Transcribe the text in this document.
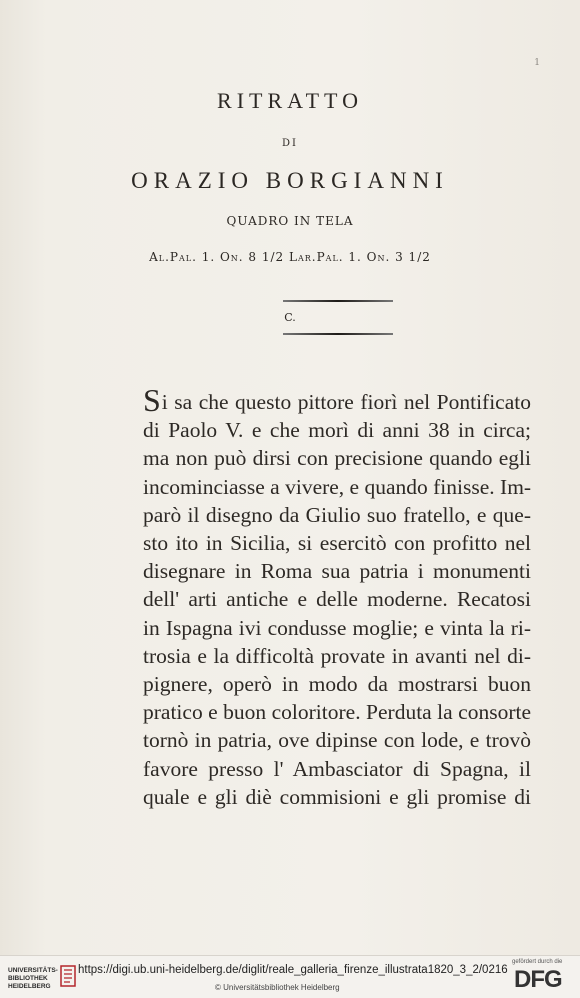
1
RITRATTO
DI
ORAZIO BORGIANNI
QUADRO IN TELA
Al.Pal. 1. On. 8 1/2 Lar.Pal. 1. On. 3 1/2
C.
Si sa che questo pittore fiorì nel Pontificato
di Paolo V. e che morì di anni 38 in circa;
ma non può dirsi con precisione quando egli
incominciasse a vivere, e quando finisse. Im-
parò il disegno da Giulio suo fratello, e que-
sto ito in Sicilia, si esercitò con profitto nel
disegnare in Roma sua patria i monumenti
dell' arti antiche e delle moderne. Recatosi
in Ispagna ivi condusse moglie; e vinta la ri-
trosia e la difficoltà provate in avanti nel di-
pignere, operò in modo da mostrarsi buon
pratico e buon coloritore. Perduta la consorte
tornò in patria, ove dipinse con lode, e trovò
favore presso l' Ambasciator di Spagna, il
quale e gli diè commisioni e gli promise di
UNIVERSITÄTS-
BIBLIOTHEK
HEIDELBERG
https://digi.ub.uni-heidelberg.de/diglit/reale_galleria_firenze_illustrata1820_3_2/0216
© Universitätsbibliothek Heidelberg
gefördert durch die
DFG
